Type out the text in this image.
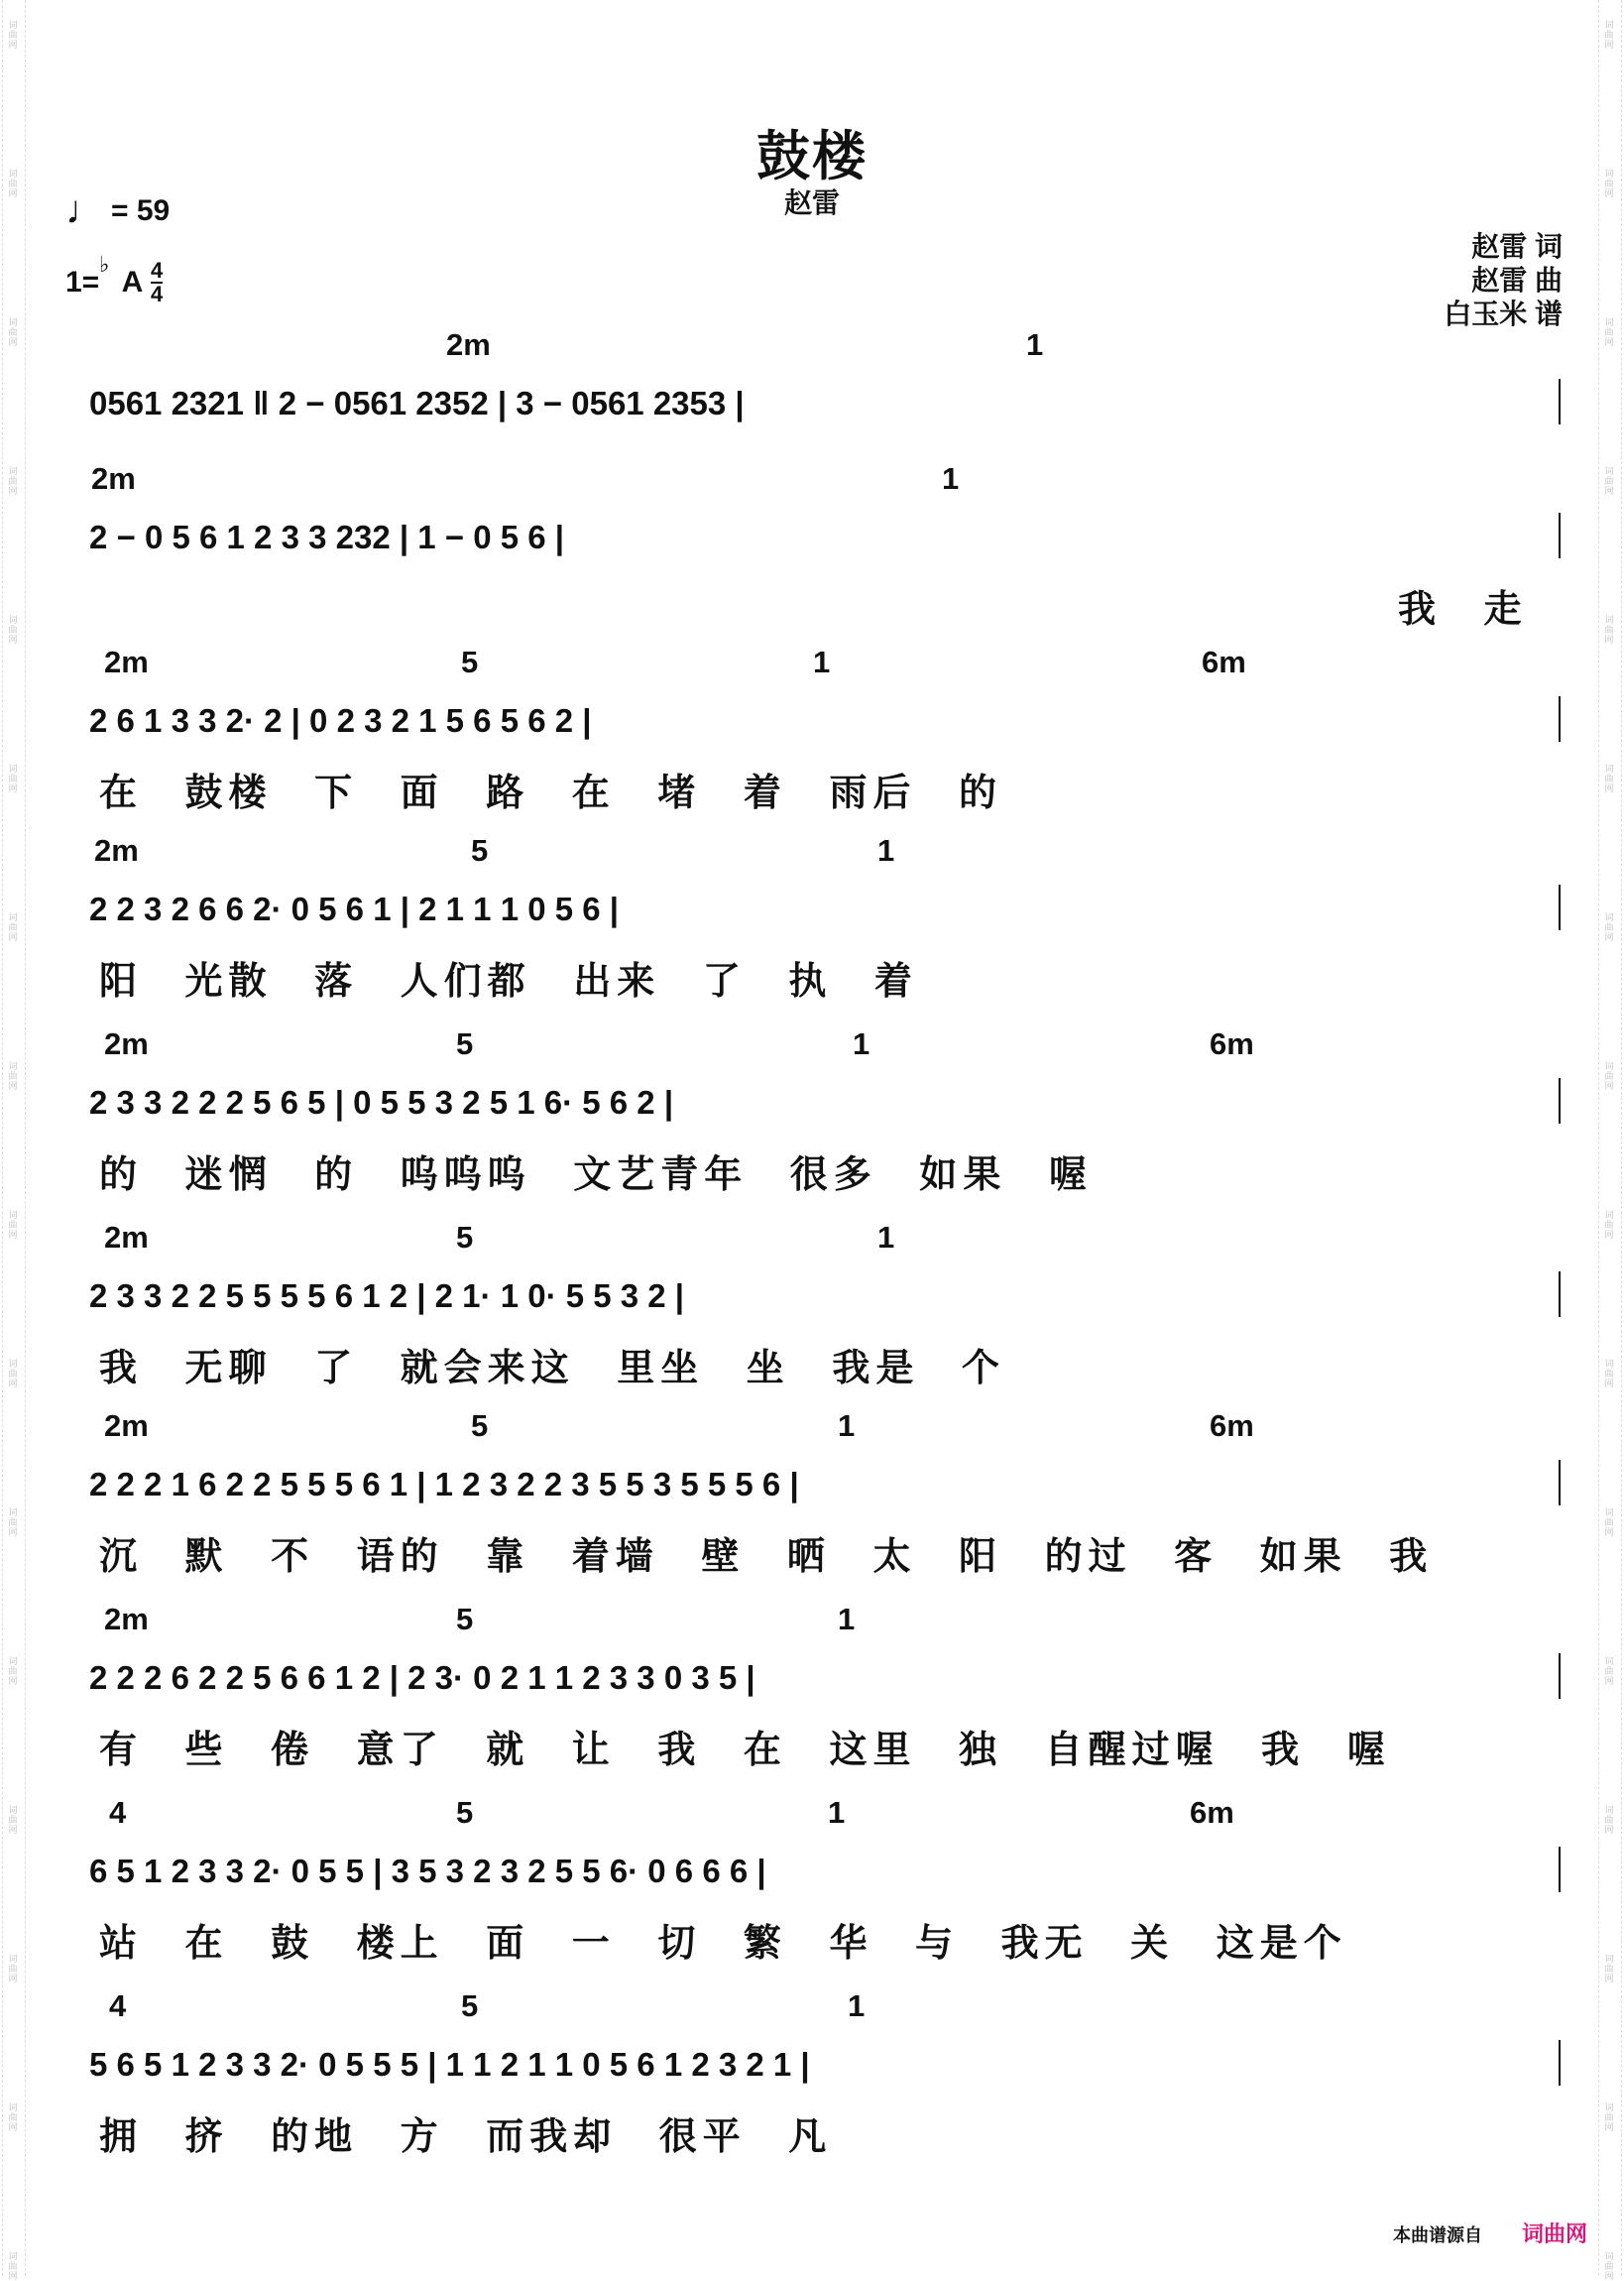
词曲网
词曲网
词曲网
词曲网
词曲网
词曲网
词曲网
词曲网
词曲网
词曲网
词曲网
词曲网
词曲网
词曲网
词曲网
词曲网
词曲网
词曲网
词曲网
词曲网
词曲网
词曲网
词曲网
词曲网
词曲网
词曲网
词曲网
词曲网
词曲网
词曲网
词曲网
词曲网
鼓楼
赵雷
♩ = 59
1=
♭
A 4
4
赵雷 词
赵雷 曲
白玉米 谱
2m	1
0561 2321 ‖ 2 − 0561 2352 | 3 − 0561 2353 |
2m	1
2 − 0 5 6 1 2 3 3 232 | 1 − 0 5 6 |
我 走
2m	5	1	6m
2 6 1 3 3 2· 2 | 0 2 3 2 1 5 6 5 6 2 |
在 鼓楼 下 面 路 在 堵 着 雨后 的
2m	5	1
2 2 3 2 6 6 2· 0 5 6 1 | 2 1 1 1 0 5 6 |
阳 光散 落 人们都 出来 了 执 着
2m	5	1	6m
2 3 3 2 2 2 5 6 5 | 0 5 5 3 2 5 1 6· 5 6 2 |
的 迷惘 的 呜呜呜 文艺青年 很多 如果 喔
2m	5	1
2 3 3 2 2 5 5 5 5 6 1 2 | 2 1· 1 0· 5 5 3 2 |
我 无聊 了 就会来这 里坐 坐 我是 个
2m	5	1	6m
2 2 2 1 6 2 2 5 5 5 6 1 | 1 2 3 2 2 3 5 5 3 5 5 5 6 |
沉 默 不 语的 靠 着墙 壁 晒 太 阳 的过 客 如果 我
2m	5	1
2 2 2 6 2 2 5 6 6 1 2 | 2 3· 0 2 1 1 2 3 3 0 3 5 |
有 些 倦 意了 就 让 我 在 这里 独 自醒过喔 我 喔
4	5	1	6m
6 5 1 2 3 3 2· 0 5 5 | 3 5 3 2 3 2 5 5 6· 0 6 6 6 |
站 在 鼓 楼上 面 一 切 繁 华 与 我无 关 这是个
4	5	1
5 6 5 1 2 3 3 2· 0 5 5 5 | 1 1 2 1 1 0 5 6 1 2 3 2 1 |
拥 挤 的地 方 而我却 很平 凡
本曲谱源自 词曲网
